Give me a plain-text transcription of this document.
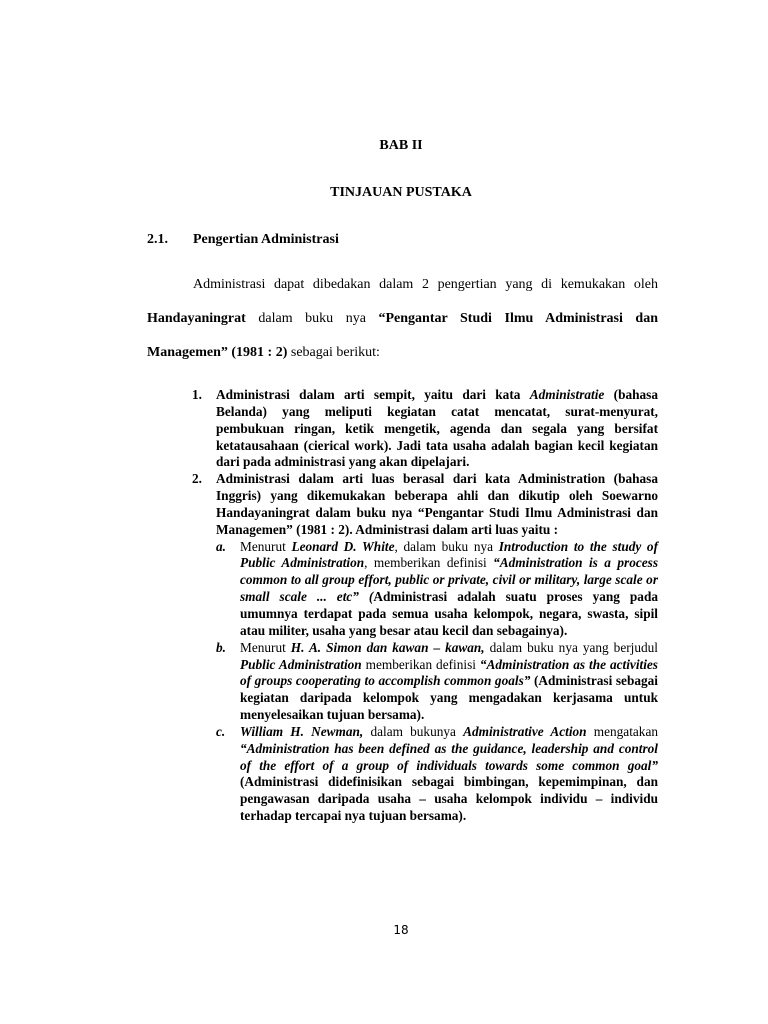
BAB II
TINJAUAN PUSTAKA
2.1. Pengertian Administrasi
Administrasi dapat dibedakan dalam 2 pengertian yang di kemukakan oleh
Handayaningrat dalam buku nya “Pengantar Studi Ilmu Administrasi dan
Managemen” (1981 : 2) sebagai berikut:
1. Administrasi dalam arti sempit, yaitu dari kata Administratie (bahasa Belanda) yang meliputi kegiatan catat mencatat, surat-menyurat, pembukuan ringan, ketik mengetik, agenda dan segala yang bersifat ketatausahaan (cierical work). Jadi tata usaha adalah bagian kecil kegiatan dari pada administrasi yang akan dipelajari.
2. Administrasi dalam arti luas berasal dari kata Administration (bahasa Inggris) yang dikemukakan beberapa ahli dan dikutip oleh Soewarno Handayaningrat dalam buku nya “Pengantar Studi Ilmu Administrasi dan Managemen” (1981 : 2). Administrasi dalam arti luas yaitu :
a. Menurut Leonard D. White, dalam buku nya Introduction to the study of Public Administration, memberikan definisi “Administration is a process common to all group effort, public or private, civil or military, large scale or small scale ... etc” (Administrasi adalah suatu proses yang pada umumnya terdapat pada semua usaha kelompok, negara, swasta, sipil atau militer, usaha yang besar atau kecil dan sebagainya).
b. Menurut H. A. Simon dan kawan – kawan, dalam buku nya yang berjudul Public Administration memberikan definisi “Administration as the activities of groups cooperating to accomplish common goals” (Administrasi sebagai kegiatan daripada kelompok yang mengadakan kerjasama untuk menyelesaikan tujuan bersama).
c. William H. Newman, dalam bukunya Administrative Action mengatakan “Administration has been defined as the guidance, leadership and control of the effort of a group of individuals towards some common goal” (Administrasi didefinisikan sebagai bimbingan, kepemimpinan, dan pengawasan daripada usaha – usaha kelompok individu – individu terhadap tercapai nya tujuan bersama).
18
